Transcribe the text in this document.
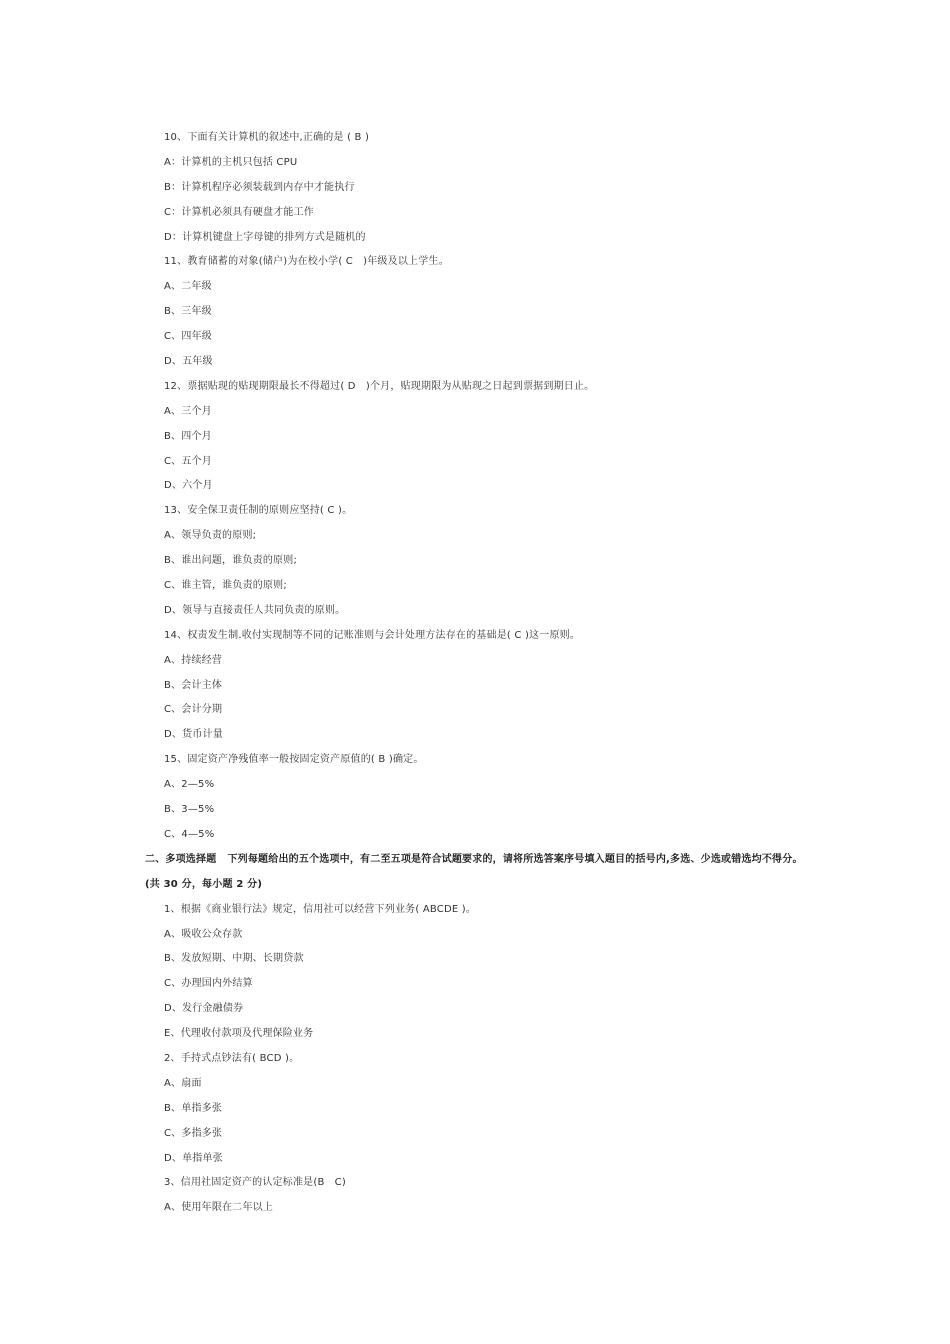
10、下面有关计算机的叙述中,正确的是 ( B )
A：计算机的主机只包括 CPU
B：计算机程序必须装载到内存中才能执行
C：计算机必须具有硬盘才能工作
D：计算机键盘上字母键的排列方式是随机的
11、教育储蓄的对象(储户)为在校小学( C   )年级及以上学生。
A、二年级
B、三年级
C、四年级
D、五年级
12、票据贴现的贴现期限最长不得超过( D   )个月，贴现期限为从贴现之日起到票据到期日止。
A、三个月
B、四个月
C、五个月
D、六个月
13、安全保卫责任制的原则应坚持( C )。
A、领导负责的原则;
B、谁出问题，谁负责的原则;
C、谁主管，谁负责的原则;
D、领导与直接责任人共同负责的原则。
14、权责发生制.收付实现制等不同的记账准则与会计处理方法存在的基础是( C )这一原则。
A、持续经营
B、会计主体
C、会计分期
D、货币计量
15、固定资产净残值率一般按固定资产原值的( B )确定。
A、2—5%
B、3—5%
C、4—5%
二、多项选择题   下列每题给出的五个选项中，有二至五项是符合试题要求的，请将所选答案序号填入题目的括号内,多选、少选或错选均不得分。
(共 30 分，每小题 2 分)
1、根据《商业银行法》规定，信用社可以经营下列业务( ABCDE )。
A、吸收公众存款
B、发放短期、中期、长期贷款
C、办理国内外结算
D、发行金融债券
E、代理收付款项及代理保险业务
2、手持式点钞法有( BCD )。
A、扇面
B、单指多张
C、多指多张
D、单指单张
3、信用社固定资产的认定标准是(B   C)
A、使用年限在二年以上
